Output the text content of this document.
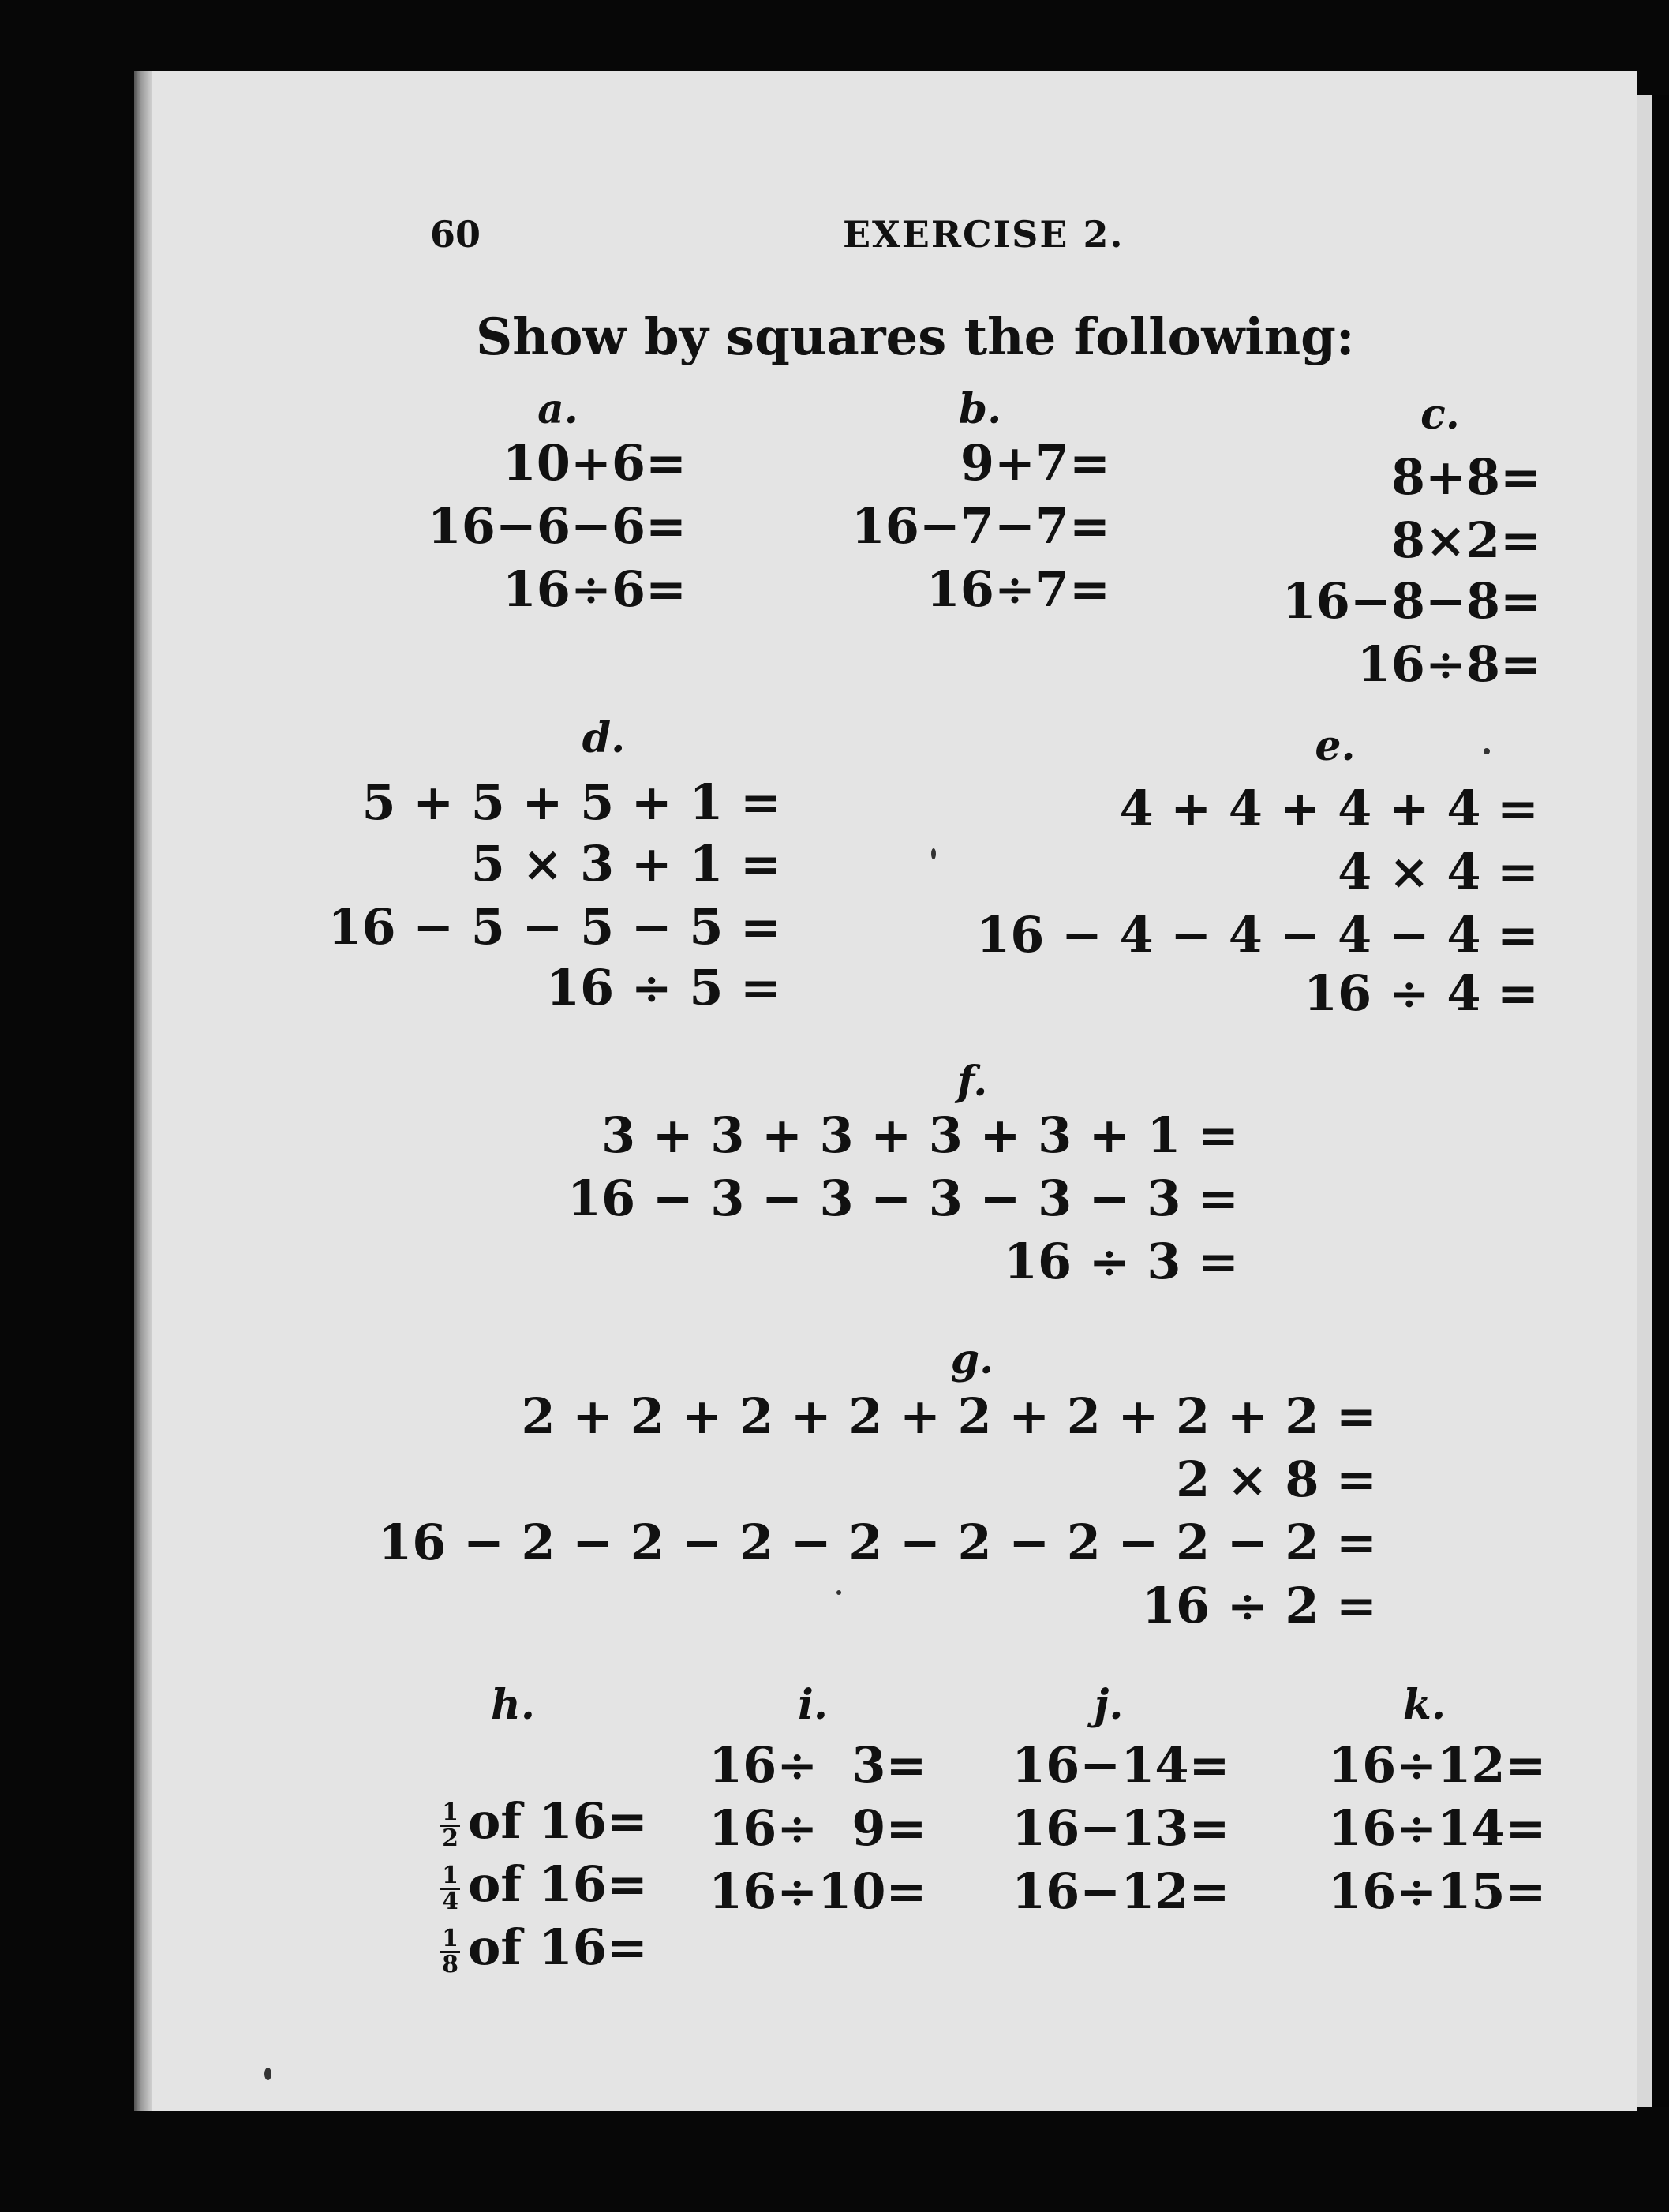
60	EXERCISE 2.
Show by squares the following:
a.
10+6=
16−6−6=
16÷6=
b.
9+7=
16−7−7=
16÷7=
c.
8+8=
8×2=
16−8−8=
16÷8=
d.
5 + 5 + 5 + 1 =
5 × 3 + 1 =
16 − 5 − 5 − 5 =
16 ÷ 5 =
e.
4 + 4 + 4 + 4 =
4 × 4 =
16 − 4 − 4 − 4 − 4 =
16 ÷ 4 =
f.
3 + 3 + 3 + 3 + 3 + 1 =
16 − 3 − 3 − 3 − 3 − 3 =
16 ÷ 3 =
g.
2 + 2 + 2 + 2 + 2 + 2 + 2 + 2 =
2 × 8 =
16 − 2 − 2 − 2 − 2 − 2 − 2 − 2 − 2 =
16 ÷ 2 =
h.

$\frac{1}{2}$ of 16=

$\frac{1}{4}$ of 16=

$\frac{1}{8}$ of 16=

i.
16÷  3=
16÷  9=
16÷10=
j.
16−14=
16−13=
16−12=
k.
16÷12=
16÷14=
16÷15=
